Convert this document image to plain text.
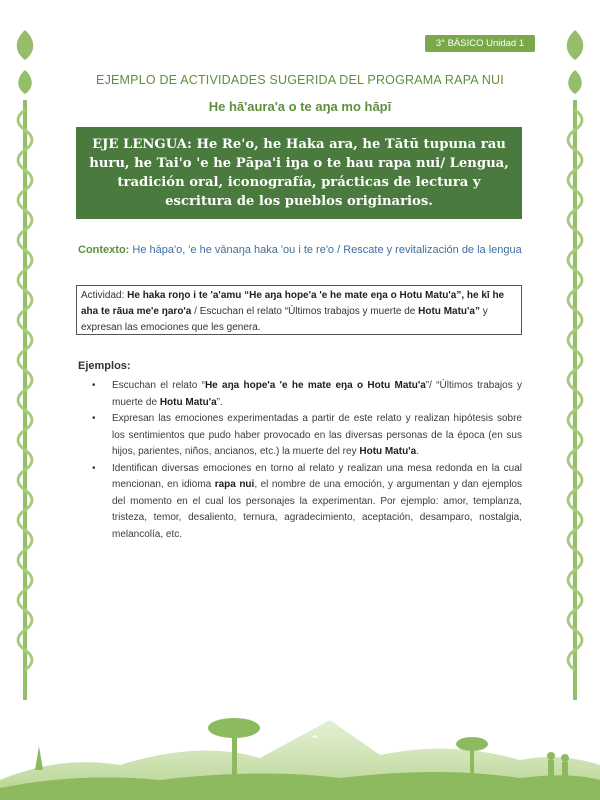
3° BÁSICO Unidad 1
EJEMPLO DE ACTIVIDADES SUGERIDA DEL PROGRAMA RAPA NUI
He hā'aura'a o te aŋa mo hāpī
EJE LENGUA: He Re'o, he Haka ara, he Tātū tupuna rau huru, he Tai'o 'e he Pāpa'i iŋa o te hau rapa nui/ Lengua, tradición oral, iconografía, prácticas de lectura y escritura de los pueblos originarios.
Contexto: He hāpa'o, 'e he vānaŋa haka 'ou i te re'o / Rescate y revitalización de la lengua
Actividad: He haka roŋo i te 'a'amu “He aŋa hope'a 'e he mate eŋa o Hotu Matu'a”, he kī he aha te rāua me'e ŋaro'a / Escuchan el relato “Últimos trabajos y muerte de Hotu Matu'a” y expresan las emociones que les genera.
Ejemplos:
• Escuchan el relato “He aŋa hope'a 'e he mate eŋa o Hotu Matu'a”/ “Últimos trabajos y muerte de Hotu Matu'a”.
• Expresan las emociones experimentadas a partir de este relato y realizan hipótesis sobre los sentimientos que pudo haber provocado en las diversas personas de la época (en sus hijos, parientes, niños, ancianos, etc.) la muerte del rey Hotu Matu'a.
• Identifican diversas emociones en torno al relato y realizan una mesa redonda en la cual mencionan, en idioma rapa nui, el nombre de una emoción, y argumentan y dan ejemplos del momento en el cual los personajes la experimentan. Por ejemplo: amor, templanza, tristeza, temor, desaliento, ternura, agradecimiento, aceptación, desamparo, nostalgia, melancolía, etc.
